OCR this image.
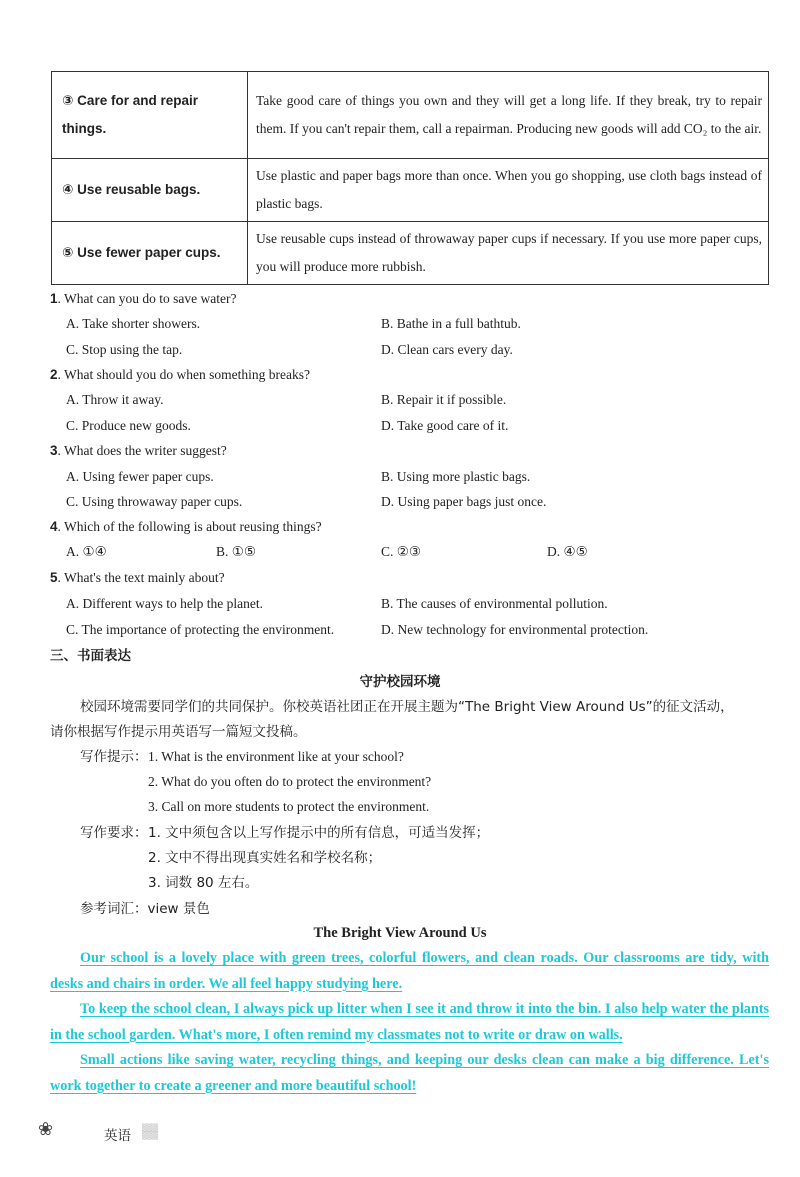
③ Care for and repair things.	Take good care of things you own and they will get a long life. If they break, try to repair them. If you can't repair them, call a repairman. Producing new goods will add CO₂ to the air.
④ Use reusable bags.	Use plastic and paper bags more than once. When you go shopping, use cloth bags instead of plastic bags.
⑤ Use fewer paper cups.	Use reusable cups instead of throwaway paper cups if necessary. If you use more paper cups, you will produce more rubbish.
1. What can you do to save water?
A. Take shorter showers.	B. Bathe in a full bathtub.
C. Stop using the tap.	D. Clean cars every day.
2. What should you do when something breaks?
A. Throw it away.	B. Repair it if possible.
C. Produce new goods.	D. Take good care of it.
3. What does the writer suggest?
A. Using fewer paper cups.	B. Using more plastic bags.
C. Using throwaway paper cups.	D. Using paper bags just once.
4. Which of the following is about reusing things?
A. ①④	B. ①⑤	C. ②③	D. ④⑤
5. What's the text mainly about?
A. Different ways to help the planet.	B. The causes of environmental pollution.
C. The importance of protecting the environment.	D. New technology for environmental protection.
三、书面表达
守护校园环境
校园环境需要同学们的共同保护。你校英语社团正在开展主题为“The Bright View Around Us”的征文活动，
请你根据写作提示用英语写一篇短文投稿。
写作提示： 1. What is the environment like at your school?
2. What do you often do to protect the environment?
3. Call on more students to protect the environment.
写作要求： 1. 文中须包含以上写作提示中的所有信息，可适当发挥；
2. 文中不得出现真实姓名和学校名称；
3. 词数 80 左右。
参考词汇：view 景色
The Bright View Around Us
Our school is a lovely place with green trees, colorful flowers, and clean roads. Our classrooms are tidy, with desks and chairs in order. We all feel happy studying here.
To keep the school clean, I always pick up litter when I see it and throw it into the bin. I also help water the plants in the school garden. What's more, I often remind my classmates not to write or draw on walls.
Small actions like saving water, recycling things, and keeping our desks clean can make a big difference. Let's work together to create a greener and more beautiful school!
❀	英语 ▒▒▒
▒▒▒
